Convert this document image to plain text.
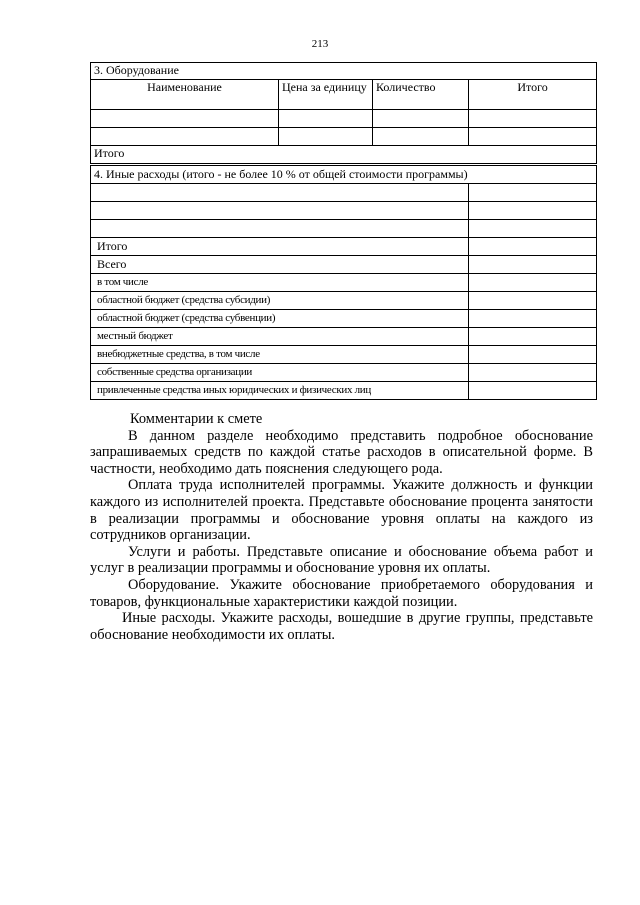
213
3. Оборудование			
Наименование	Цена за единицу	Количество	Итого

Итого			
4. Иные расходы (итого - не более 10 % от общей стоимости программы)	

Итого	
Всего	
в том числе	
областной бюджет (средства субсидии)	
областной бюджет (средства субвенции)	
местный бюджет	
внебюджетные средства, в том числе	
собственные средства организации	
привлеченные средства иных юридических и физических лиц	

Комментарии к смете

В данном разделе необходимо представить подробное обоснование запрашиваемых средств по каждой статье расходов в описательной форме. В частности, необходимо дать пояснения следующего рода.

Оплата труда исполнителей программы. Укажите должность и функции каждого из исполнителей проекта. Представьте обоснование процента занятости в реализации программы и обоснование уровня оплаты на каждого из сотрудников организации.

Услуги и работы. Представьте описание и обоснование объема работ и услуг в реализации программы и обоснование уровня их оплаты.

Оборудование. Укажите обоснование приобретаемого оборудования и товаров, функциональные характеристики каждой позиции.

Иные расходы. Укажите расходы, вошедшие в другие группы, представьте обоснование необходимости их оплаты.
